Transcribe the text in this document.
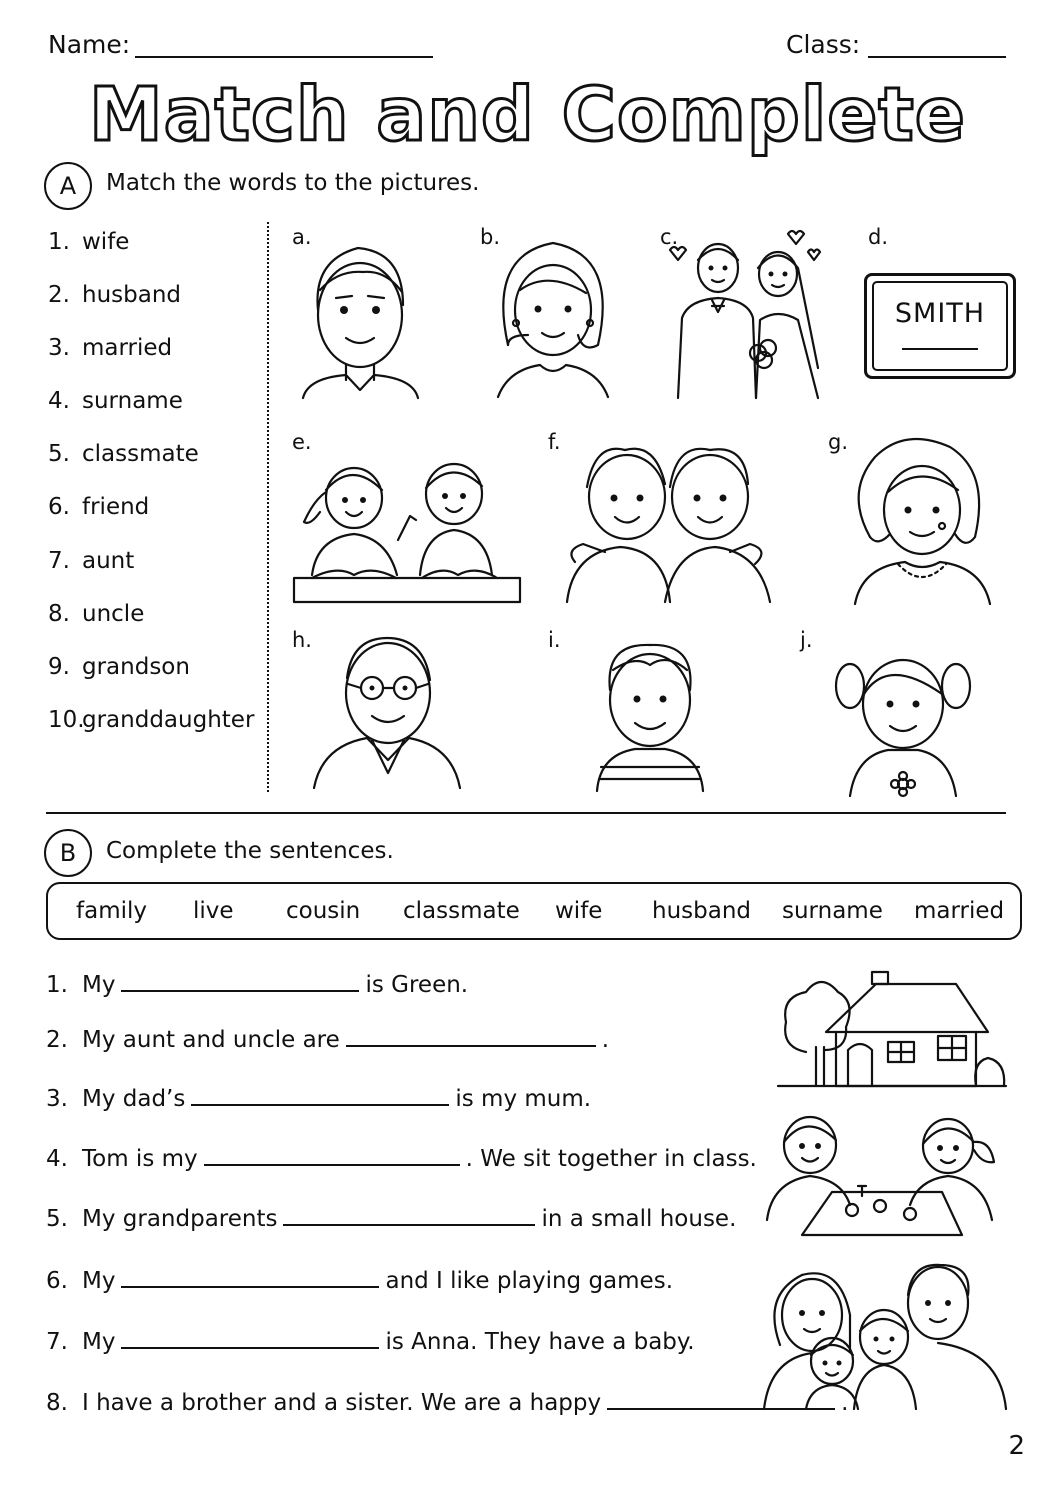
Name:	Class:
Match and Complete
A	Match the words to the pictures.
1. wife
2. husband
3. married
4. surname
5. classmate
6. friend
7. aunt
8. uncle
9. grandson
10.granddaughter
a.	b.	c.	d.
e.	f.	g.
h.	i.	j.
SMITH
B	Complete the sentences.
family live cousin classmate wife husband surname married
1. My	is Green.
2. My aunt and uncle are	.
3. My dad’s	is my mum.
4. Tom is my	. We sit together in class.
5. My grandparents	in a small house.
6. My	and I like playing games.
7. My	is Anna. They have a baby.
8. I have a brother and a sister. We are a happy	.
2
